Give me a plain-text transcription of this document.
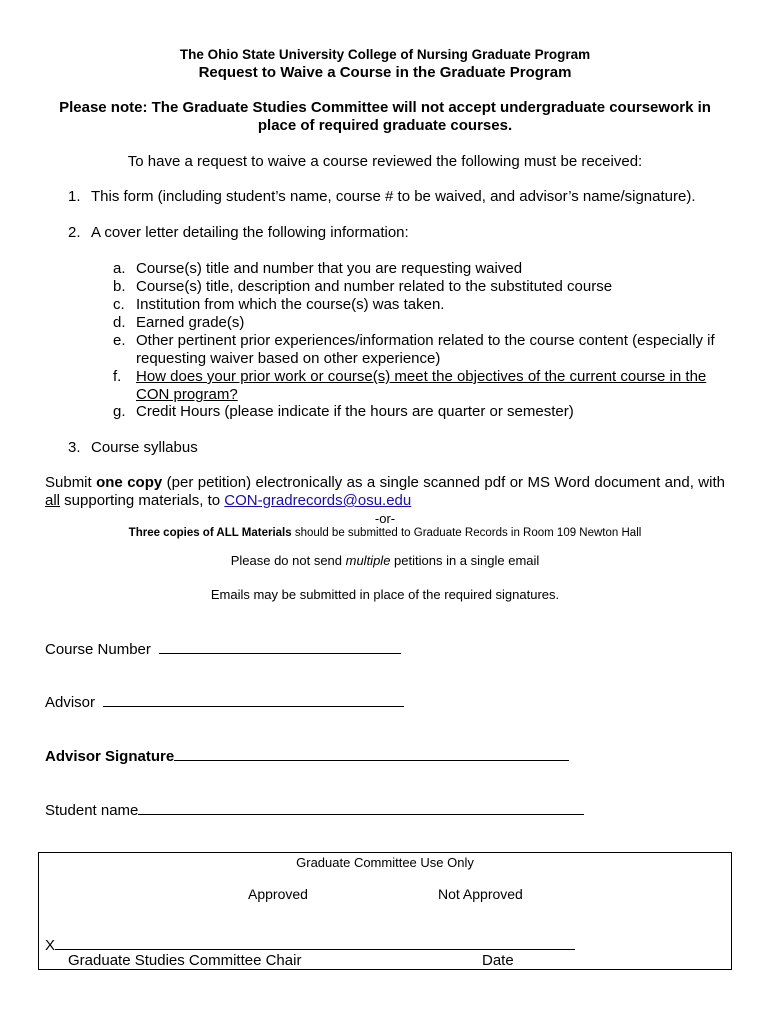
The Ohio State University College of Nursing Graduate Program
Request to Waive a Course in the Graduate Program
Please note: The Graduate Studies Committee will not accept undergraduate coursework in
place of required graduate courses.
To have a request to waive a course reviewed the following must be received:
1. This form (including student’s name, course # to be waived, and advisor’s name/signature).
2. A cover letter detailing the following information:
a. Course(s) title and number that you are requesting waived
b. Course(s) title, description and number related to the substituted course
c. Institution from which the course(s) was taken.
d. Earned grade(s)
e. Other pertinent prior experiences/information related to the course content (especially if requesting waiver based on other experience)
f. How does your prior work or course(s) meet the objectives of the current course in the CON program?
g. Credit Hours (please indicate if the hours are quarter or semester)
3. Course syllabus
Submit one copy (per petition) electronically as a single scanned pdf or MS Word document and, with all supporting materials, to CON-gradrecords@osu.edu
-or-
Three copies of ALL Materials should be submitted to Graduate Records in Room 109 Newton Hall
Please do not send multiple petitions in a single email
Emails may be submitted in place of the required signatures.
Course Number
Advisor
Advisor Signature
Student name
Graduate Committee Use Only
Approved	Not Approved
X
Graduate Studies Committee Chair	Date
